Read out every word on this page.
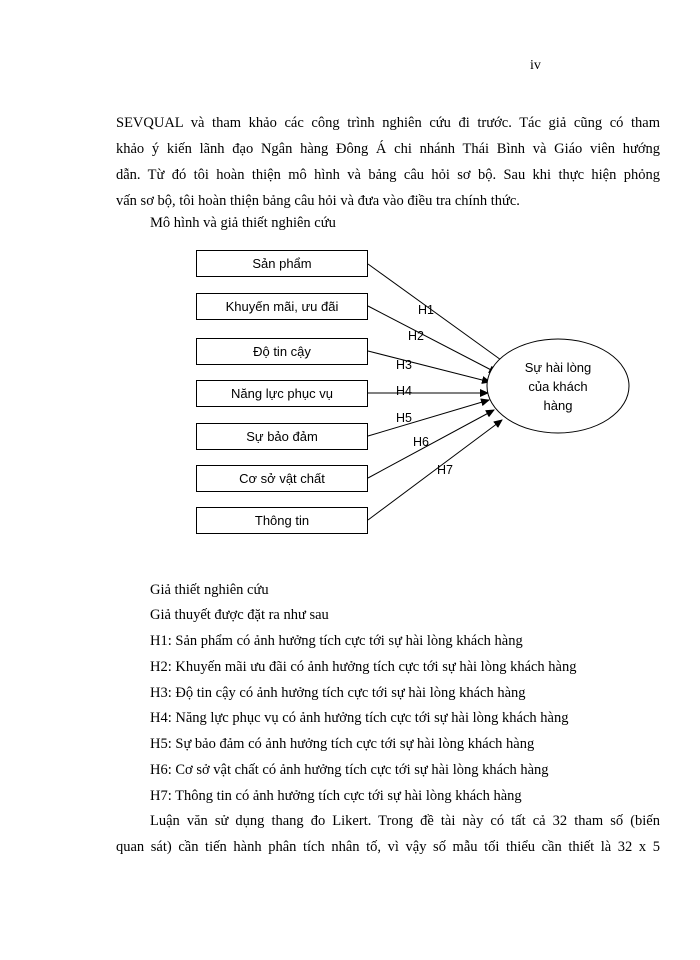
iv
SEVQUAL và tham khảo các công trình nghiên cứu đi trước. Tác giả cũng có tham
khảo ý kiến lãnh đạo Ngân hàng Đông Á chi nhánh Thái Bình và Giáo viên hướng
dẫn. Từ đó tôi hoàn thiện mô hình và bảng câu hỏi sơ bộ. Sau khi thực hiện phỏng
vấn sơ bộ, tôi hoàn thiện bảng câu hỏi và đưa vào điều tra chính thức.
Mô hình và giả thiết nghiên cứu
Sản phẩm
Khuyến mãi, ưu đãi
Độ tin cậy
Năng lực phục vụ
Sự bảo đảm
Cơ sở vật chất
Thông tin
H1
H2
H3
H4
H5
H6
H7
Sự hài lòng
của khách
hàng
Giả thiết nghiên cứu
Giả thuyết được đặt ra như sau
H1: Sản phẩm có ảnh hưởng tích cực tới sự hài lòng khách hàng
H2: Khuyến mãi ưu đãi có ảnh hưởng tích cực tới sự hài lòng khách hàng
H3: Độ tin cậy có ảnh hưởng tích cực tới sự hài lòng khách hàng
H4: Năng lực phục vụ có ảnh hưởng tích cực tới sự hài lòng khách hàng
H5: Sự bảo đảm có ảnh hưởng tích cực tới sự hài lòng khách hàng
H6: Cơ sở vật chất có ảnh hưởng tích cực tới sự hài lòng khách hàng
H7: Thông tin có ảnh hưởng tích cực tới sự hài lòng khách hàng
Luận văn sử dụng thang đo Likert. Trong đề tài này có tất cả 32 tham số (biến
quan sát) cần tiến hành phân tích nhân tố, vì vậy số mẫu tối thiểu cần thiết là 32 x 5
